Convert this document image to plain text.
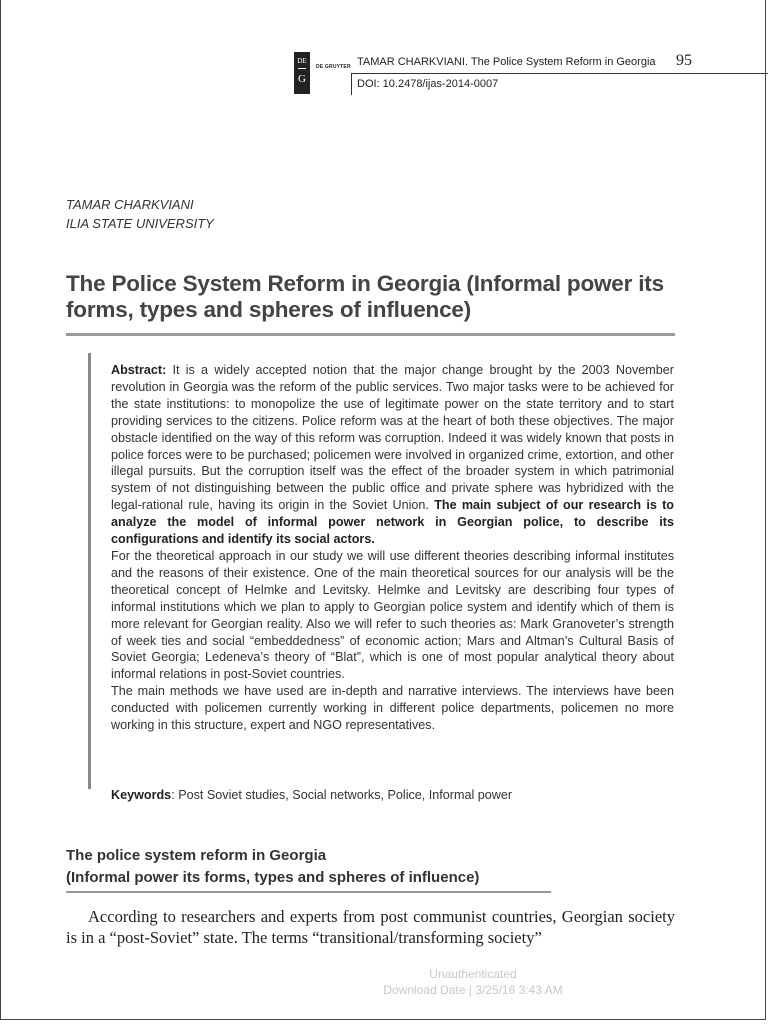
DE
G
DE GRUYTER TAMAR CHARKVIANI. The Police System Reform in Georgia 95
DOI: 10.2478/ijas-2014-0007
TAMAR CHARKVIANI
ILIA STATE UNIVERSITY
The Police System Reform in Georgia (Informal power its forms, types and spheres of influence)

Abstract: It is a widely accepted notion that the major change brought by the 2003 November revolution in Georgia was the reform of the public services. Two major tasks were to be achieved for the state institutions: to monopolize the use of legitimate power on the state territory and to start providing services to the citizens. Police reform was at the heart of both these objectives. The major obstacle identified on the way of this reform was corruption. Indeed it was widely known that posts in police forces were to be purchased; policemen were involved in organized crime, extortion, and other illegal pursuits. But the corruption itself was the effect of the broader system in which patrimonial system of not distinguishing between the public office and private sphere was hybridized with the legal-rational rule, having its origin in the Soviet Union. The main subject of our research is to analyze the model of informal power network in Georgian police, to describe its configurations and identify its social actors.

For the theoretical approach in our study we will use different theories describing informal institutes and the reasons of their existence. One of the main theoretical sources for our analysis will be the theoretical concept of Helmke and Levitsky. Helmke and Levitsky are describing four types of informal institutions which we plan to apply to Georgian police system and identify which of them is more relevant for Georgian reality. Also we will refer to such theories as: Mark Granoveter’s strength of week ties and social “embeddedness” of economic action; Mars and Altman’s Cultural Basis of Soviet Georgia; Ledeneva’s theory of “Blat”, which is one of most popular analytical theory about informal relations in post-Soviet countries.

The main methods we have used are in-depth and narrative interviews. The interviews have been conducted with policemen currently working in different police departments, policemen no more working in this structure, expert and NGO representatives.

Keywords: Post Soviet studies, Social networks, Police, Informal power
The police system reform in Georgia
(Informal power its forms, types and spheres of influence)

According to researchers and experts from post communist countries, Georgian society is in a “post-Soviet” state. The terms “transitional/transforming society”

Unauthenticated
Download Date | 3/25/16 3:43 AM
